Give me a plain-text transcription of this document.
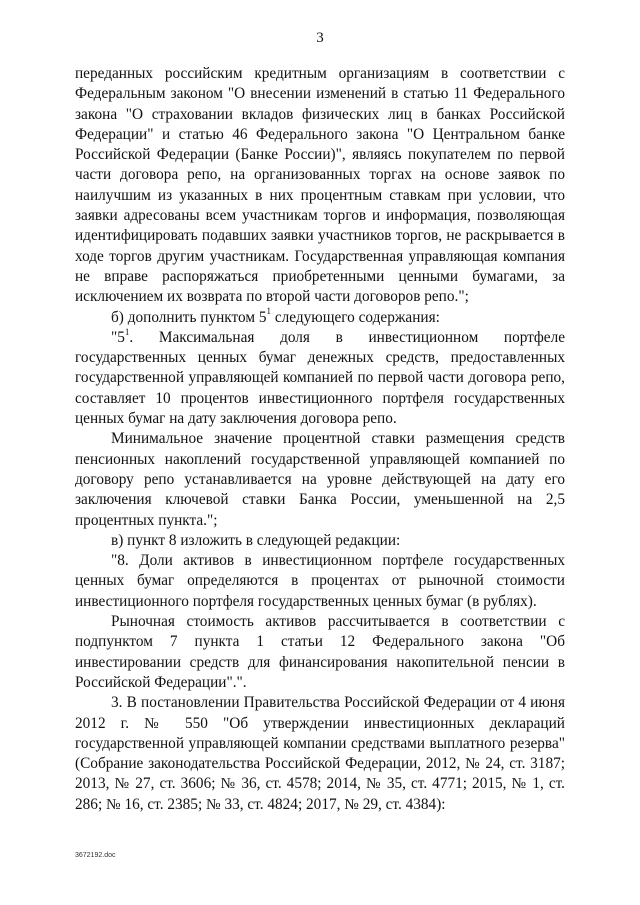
3

переданных российским кредитным организациям в соответствии с Федеральным законом "О внесении изменений в статью 11 Федерального закона "О страховании вкладов физических лиц в банках Российской Федерации" и статью 46 Федерального закона "О Центральном банке Российской Федерации (Банке России)", являясь покупателем по первой части договора репо, на организованных торгах на основе заявок по наилучшим из указанных в них процентным ставкам при условии, что заявки адресованы всем участникам торгов и информация, позволяющая идентифицировать подавших заявки участников торгов, не раскрывается в ходе торгов другим участникам. Государственная управляющая компания не вправе распоряжаться приобретенными ценными бумагами, за исключением их возврата по второй части договоров репо.";

б) дополнить пунктом $5^1$ следующего содержания:

"$5^1$. Максимальная доля в инвестиционном портфеле государственных ценных бумаг денежных средств, предоставленных государственной управляющей компанией по первой части договора репо, составляет 10 процентов инвестиционного портфеля государственных ценных бумаг на дату заключения договора репо.

Минимальное значение процентной ставки размещения средств пенсионных накоплений государственной управляющей компанией по договору репо устанавливается на уровне действующей на дату его заключения ключевой ставки Банка России, уменьшенной на 2,5 процентных пункта.";

в) пункт 8 изложить в следующей редакции:

"8. Доли активов в инвестиционном портфеле государственных ценных бумаг определяются в процентах от рыночной стоимости инвестиционного портфеля государственных ценных бумаг (в рублях).

Рыночная стоимость активов рассчитывается в соответствии с подпунктом 7 пункта 1 статьи 12 Федерального закона "Об инвестировании средств для финансирования накопительной пенсии в Российской Федерации".".

3. В постановлении Правительства Российской Федерации от 4 июня 2012 г. № 550 "Об утверждении инвестиционных деклараций государственной управляющей компании средствами выплатного резерва" (Собрание законодательства Российской Федерации, 2012, № 24, ст. 3187; 2013, № 27, ст. 3606; № 36, ст. 4578; 2014, № 35, ст. 4771; 2015, № 1, ст. 286; № 16, ст. 2385; № 33, ст. 4824; 2017, № 29, ст. 4384):

3672192.doc
